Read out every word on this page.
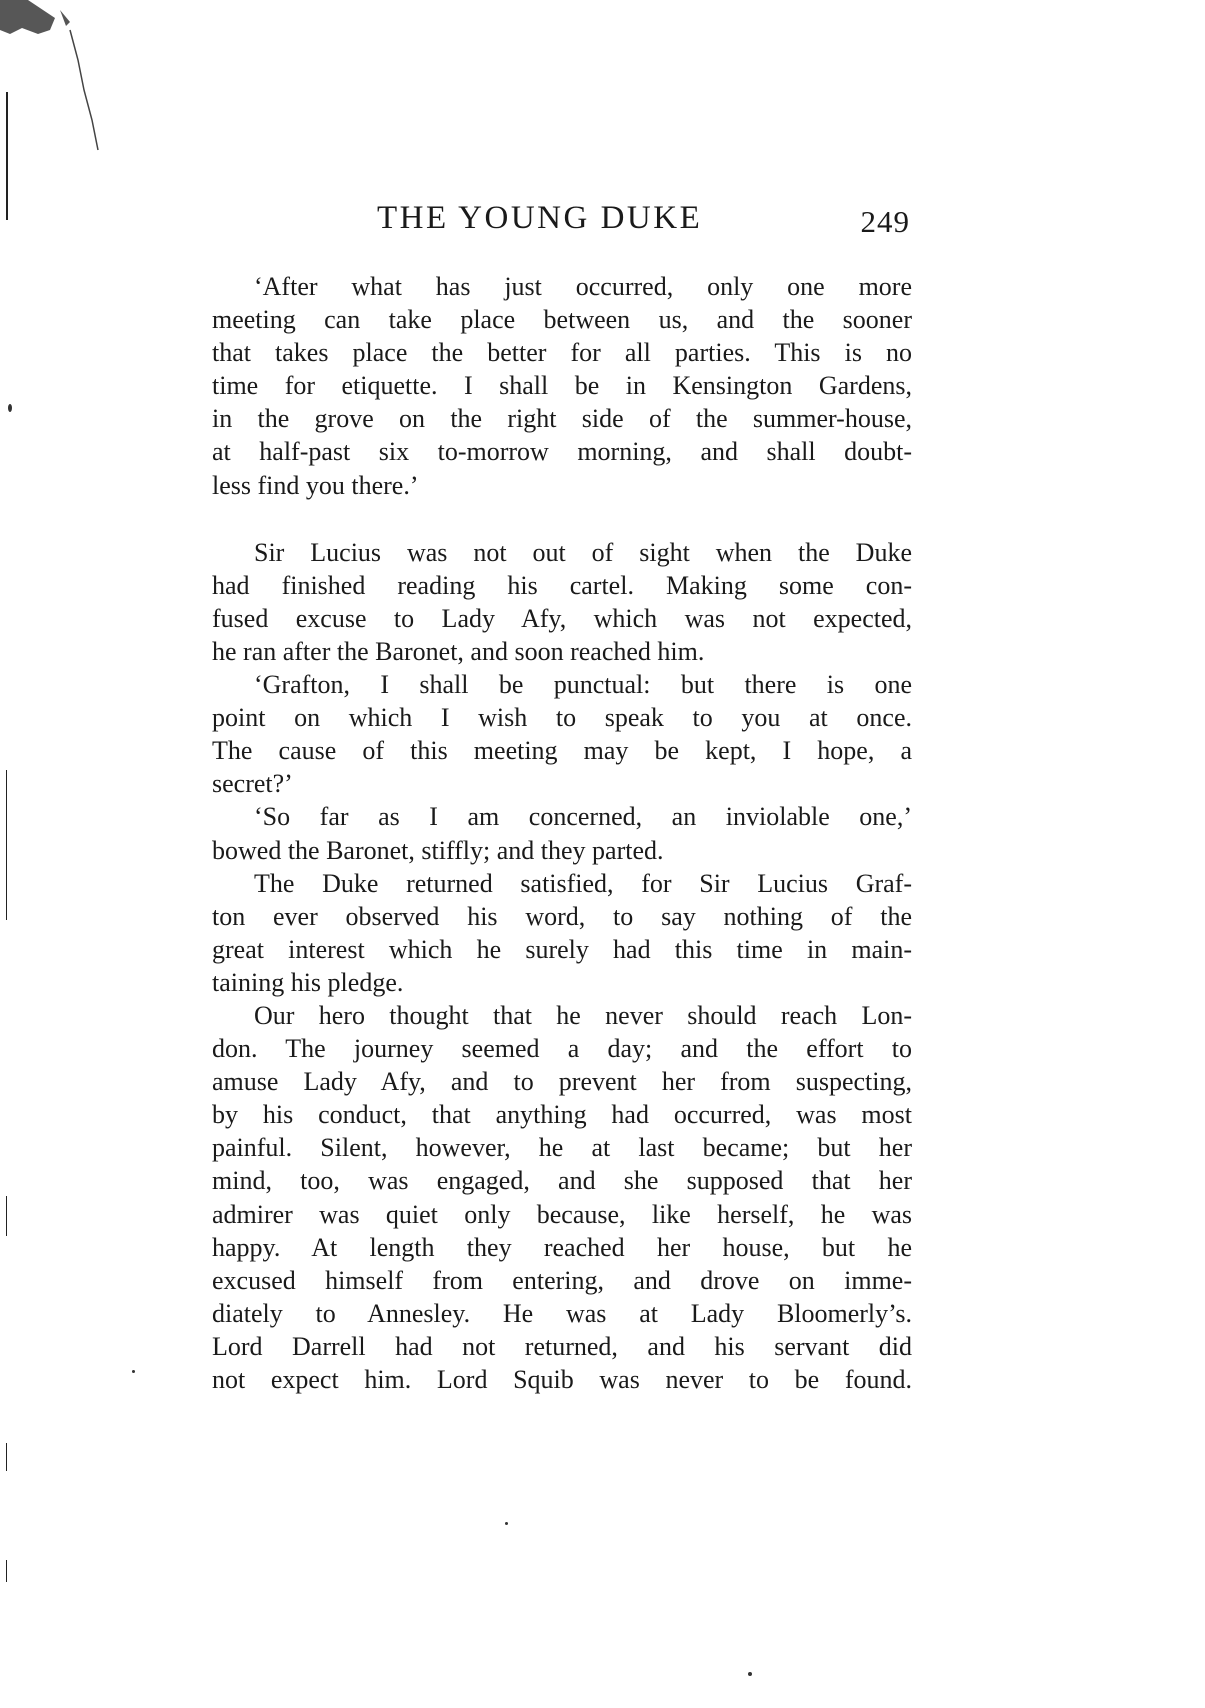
THE YOUNG DUKE	249

‘After what has just occurred, only one more
meeting can take place between us, and the sooner
that takes place the better for all parties. This is no
time for etiquette. I shall be in Kensington Gardens,
in the grove on the right side of the summer-house,
at half-past six to-morrow morning, and shall doubt-
less find you there.’

Sir Lucius was not out of sight when the Duke
had finished reading his cartel. Making some con-
fused excuse to Lady Afy, which was not expected,
he ran after the Baronet, and soon reached him.

‘Grafton, I shall be punctual: but there is one
point on which I wish to speak to you at once.
The cause of this meeting may be kept, I hope, a
secret?’

‘So far as I am concerned, an inviolable one,’
bowed the Baronet, stiffly; and they parted.

The Duke returned satisfied, for Sir Lucius Graf-
ton ever observed his word, to say nothing of the
great interest which he surely had this time in main-
taining his pledge.

Our hero thought that he never should reach Lon-
don. The journey seemed a day; and the effort to
amuse Lady Afy, and to prevent her from suspecting,
by his conduct, that anything had occurred, was most
painful. Silent, however, he at last became; but her
mind, too, was engaged, and she supposed that her
admirer was quiet only because, like herself, he was
happy. At length they reached her house, but he
excused himself from entering, and drove on imme-
diately to Annesley. He was at Lady Bloomerly’s.
Lord Darrell had not returned, and his servant did
not expect him. Lord Squib was never to be found.
